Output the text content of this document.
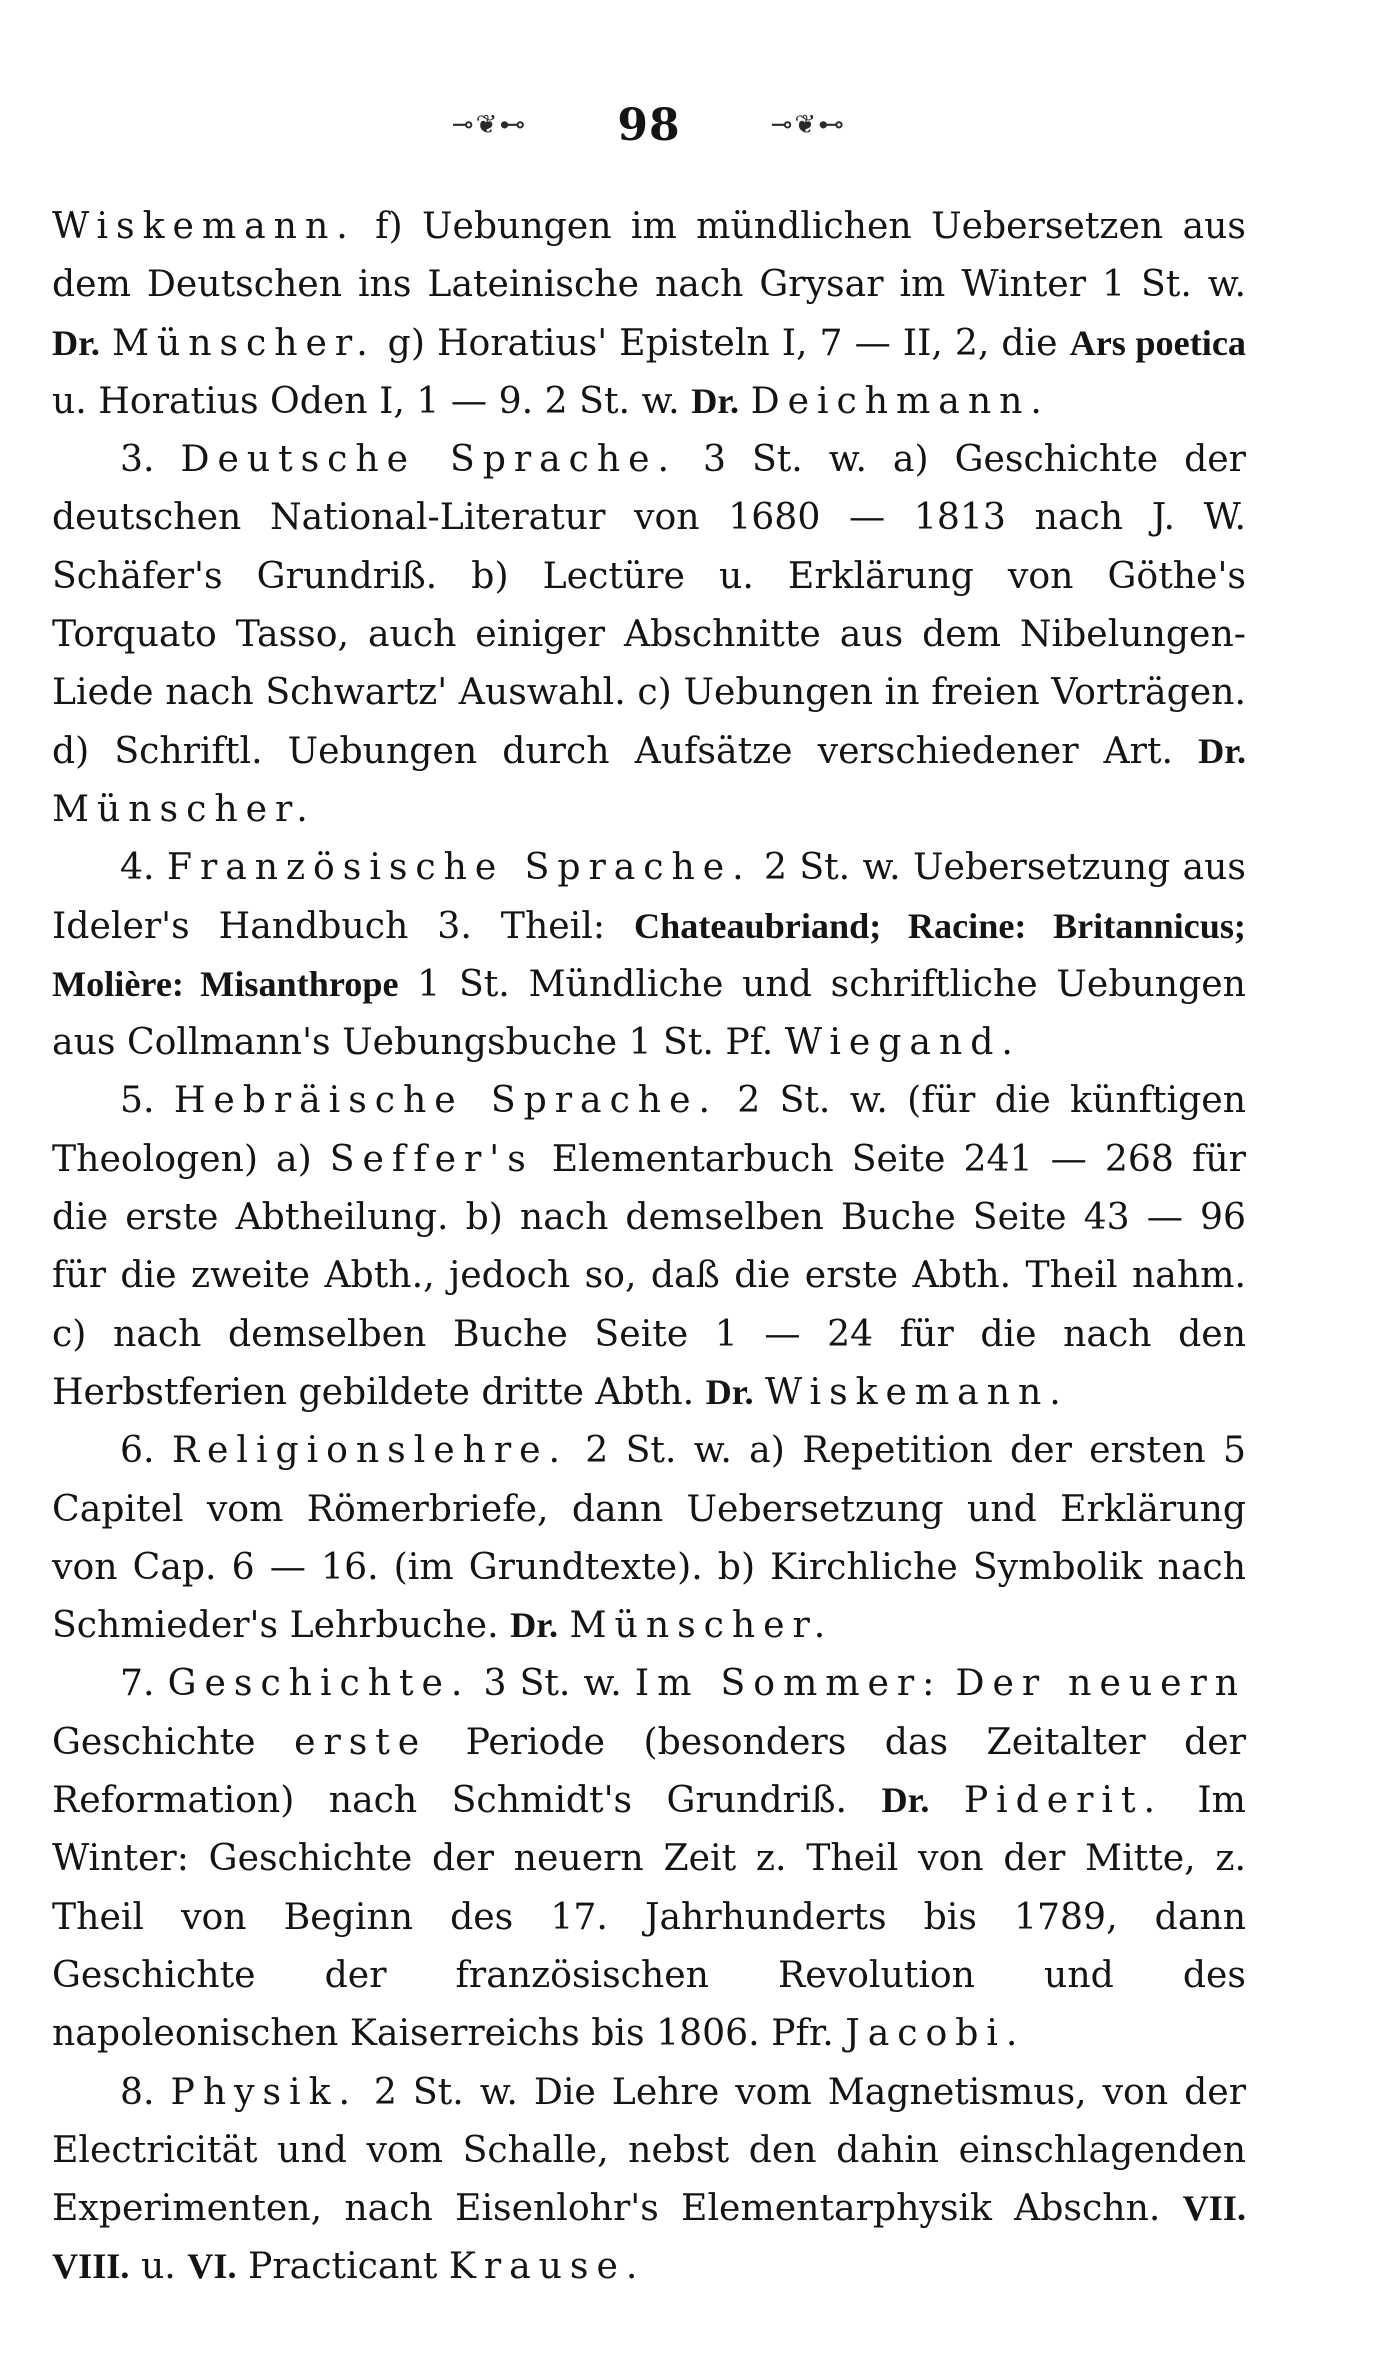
⊸❦⊷ 98	⊸❦⊷

Wiskemann. f) Uebungen im mündlichen Uebersetzen aus dem Deutschen ins Lateinische nach Grysar im Winter 1 St. w. Dr. Münscher. g) Horatius' Episteln I, 7 — II, 2, die Ars poetica u. Horatius Oden I, 1 — 9. 2 St. w. Dr. Deichmann.

3. Deutsche Sprache. 3 St. w. a) Geschichte der deutschen National-Literatur von 1680 — 1813 nach J. W. Schäfer's Grundriß. b) Lectüre u. Erklärung von Göthe's Torquato Tasso, auch einiger Abschnitte aus dem Nibelungen-Liede nach Schwartz' Auswahl. c) Uebungen in freien Vorträgen. d) Schriftl. Uebungen durch Aufsätze verschiedener Art. Dr. Münscher.

4. Französische Sprache. 2 St. w. Uebersetzung aus Ideler's Handbuch 3. Theil: Chateaubriand; Racine: Britannicus; Molière: Misanthrope 1 St. Mündliche und schriftliche Uebungen aus Collmann's Uebungsbuche 1 St. Pf. Wiegand.

5. Hebräische Sprache. 2 St. w. (für die künftigen Theologen) a) Seffer's Elementarbuch Seite 241 — 268 für die erste Abtheilung. b) nach demselben Buche Seite 43 — 96 für die zweite Abth., jedoch so, daß die erste Abth. Theil nahm. c) nach demselben Buche Seite 1 — 24 für die nach den Herbstferien gebildete dritte Abth. Dr. Wiskemann.

6. Religionslehre. 2 St. w. a) Repetition der ersten 5 Capitel vom Römerbriefe, dann Uebersetzung und Erklärung von Cap. 6 — 16. (im Grundtexte). b) Kirchliche Symbolik nach Schmieder's Lehrbuche. Dr. Münscher.

7. Geschichte. 3 St. w. Im Sommer: Der neuern Geschichte erste Periode (besonders das Zeitalter der Reformation) nach Schmidt's Grundriß. Dr. Piderit. Im Winter: Geschichte der neuern Zeit z. Theil von der Mitte, z. Theil von Beginn des 17. Jahrhunderts bis 1789, dann Geschichte der französischen Revolution und des napoleonischen Kaiserreichs bis 1806. Pfr. Jacobi.

8. Physik. 2 St. w. Die Lehre vom Magnetismus, von der Electricität und vom Schalle, nebst den dahin einschlagenden Experimenten, nach Eisenlohr's Elementarphysik Abschn. VII. VIII. u. VI. Practicant Krause.
